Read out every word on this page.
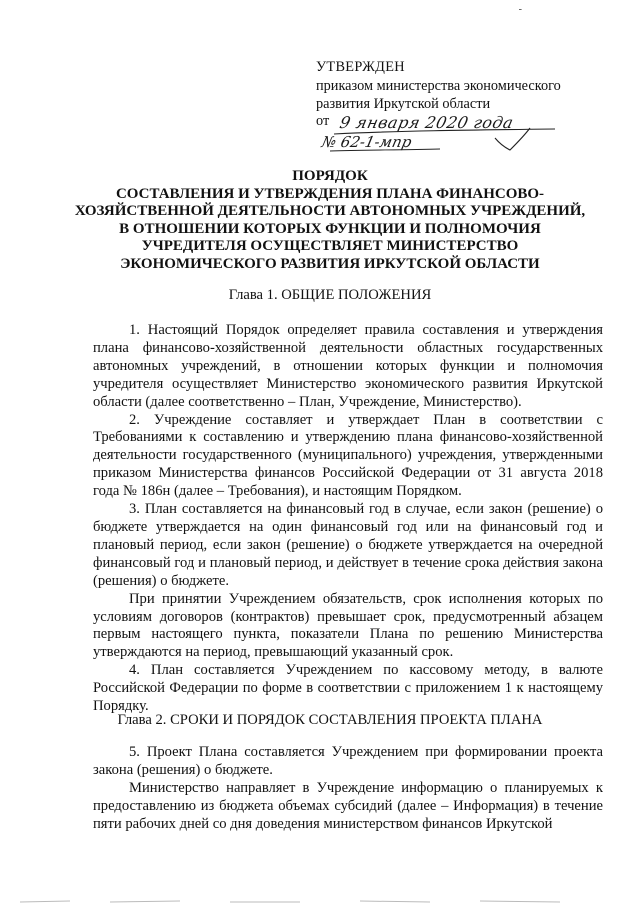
-
УТВЕРЖДЕН
приказом министерства экономического
развития Иркутской области
от 9 января 2020 года
№ 62-1-мпр
ПОРЯДОК
СОСТАВЛЕНИЯ И УТВЕРЖДЕНИЯ ПЛАНА ФИНАНСОВО-
ХОЗЯЙСТВЕННОЙ ДЕЯТЕЛЬНОСТИ АВТОНОМНЫХ УЧРЕЖДЕНИЙ,
В ОТНОШЕНИИ КОТОРЫХ ФУНКЦИИ И ПОЛНОМОЧИЯ
УЧРЕДИТЕЛЯ ОСУЩЕСТВЛЯЕТ МИНИСТЕРСТВО
ЭКОНОМИЧЕСКОГО РАЗВИТИЯ ИРКУТСКОЙ ОБЛАСТИ
Глава 1. ОБЩИЕ ПОЛОЖЕНИЯ

1. Настоящий Порядок определяет правила составления и утверждения плана финансово-хозяйственной деятельности областных государственных автономных учреждений, в отношении которых функции и полномочия учредителя осуществляет Министерство экономического развития Иркутской области (далее соответственно – План, Учреждение, Министерство).

2. Учреждение составляет и утверждает План в соответствии с Требованиями к составлению и утверждению плана финансово-хозяйственной деятельности государственного (муниципального) учреждения, утвержденными приказом Министерства финансов Российской Федерации от 31 августа 2018 года № 186н (далее – Требования), и настоящим Порядком.

3. План составляется на финансовый год в случае, если закон (решение) о бюджете утверждается на один финансовый год или на финансовый год и плановый период, если закон (решение) о бюджете утверждается на очередной финансовый год и плановый период, и действует в течение срока действия закона (решения) о бюджете.

При принятии Учреждением обязательств, срок исполнения которых по условиям договоров (контрактов) превышает срок, предусмотренный абзацем первым настоящего пункта, показатели Плана по решению Министерства утверждаются на период, превышающий указанный срок.

4. План составляется Учреждением по кассовому методу, в валюте Российской Федерации по форме в соответствии с приложением 1 к настоящему Порядку.

Глава 2. СРОКИ И ПОРЯДОК СОСТАВЛЕНИЯ ПРОЕКТА ПЛАНА

5. Проект Плана составляется Учреждением при формировании проекта закона (решения) о бюджете.

Министерство направляет в Учреждение информацию о планируемых к предоставлению из бюджета объемах субсидий (далее – Информация) в течение пяти рабочих дней со дня доведения министерством финансов Иркутской
